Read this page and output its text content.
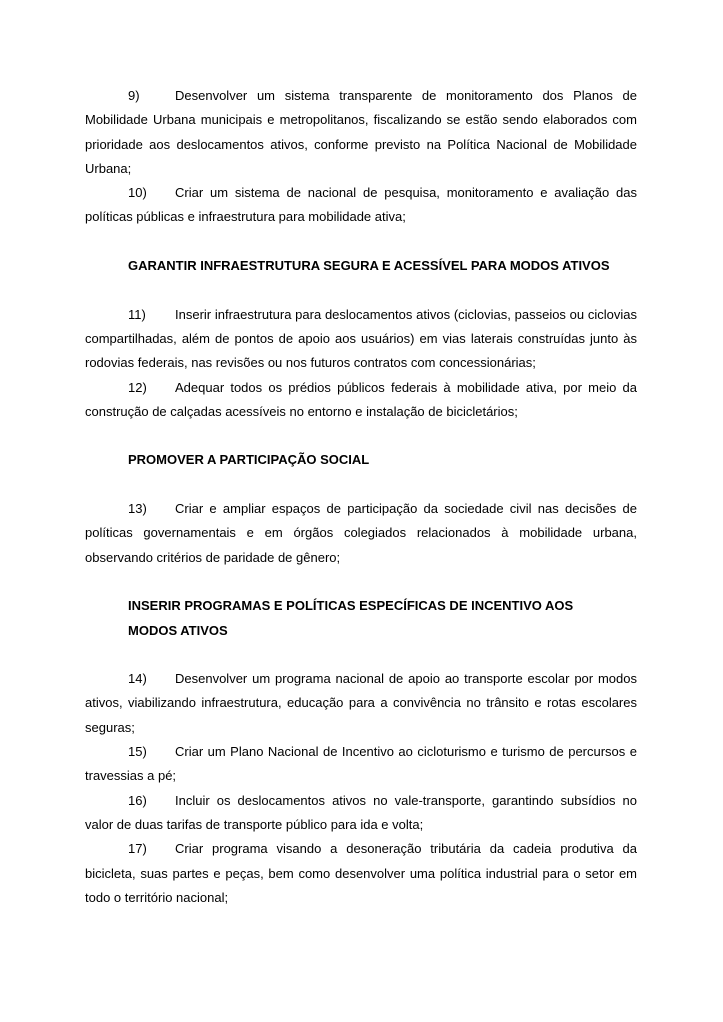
9)	Desenvolver um sistema transparente de monitoramento dos Planos de Mobilidade Urbana municipais e metropolitanos, fiscalizando se estão sendo elaborados com prioridade aos deslocamentos ativos, conforme previsto na Política Nacional de Mobilidade Urbana;

10) Criar um sistema de nacional de pesquisa, monitoramento e avaliação das políticas públicas e infraestrutura para mobilidade ativa;

GARANTIR INFRAESTRUTURA SEGURA E ACESSÍVEL PARA MODOS ATIVOS

11) Inserir infraestrutura para deslocamentos ativos (ciclovias, passeios ou ciclovias compartilhadas, além de pontos de apoio aos usuários) em vias laterais construídas junto às rodovias federais, nas revisões ou nos futuros contratos com concessionárias;

12) Adequar todos os prédios públicos federais à mobilidade ativa, por meio da construção de calçadas acessíveis no entorno e instalação de bicicletários;

PROMOVER A PARTICIPAÇÃO SOCIAL

13) Criar e ampliar espaços de participação da sociedade civil nas decisões de políticas governamentais e em órgãos colegiados relacionados à mobilidade urbana, observando critérios de paridade de gênero;

INSERIR PROGRAMAS E POLÍTICAS ESPECÍFICAS DE INCENTIVO AOS
MODOS ATIVOS

14) Desenvolver um programa nacional de apoio ao transporte escolar por modos ativos, viabilizando infraestrutura, educação para a convivência no trânsito e rotas escolares seguras;

15) Criar um Plano Nacional de Incentivo ao cicloturismo e turismo de percursos e travessias a pé;

16) Incluir os deslocamentos ativos no vale-transporte, garantindo subsídios no valor de duas tarifas de transporte público para ida e volta;

17) Criar programa visando a desoneração tributária da cadeia produtiva da bicicleta, suas partes e peças, bem como desenvolver uma política industrial para o setor em todo o território nacional;
